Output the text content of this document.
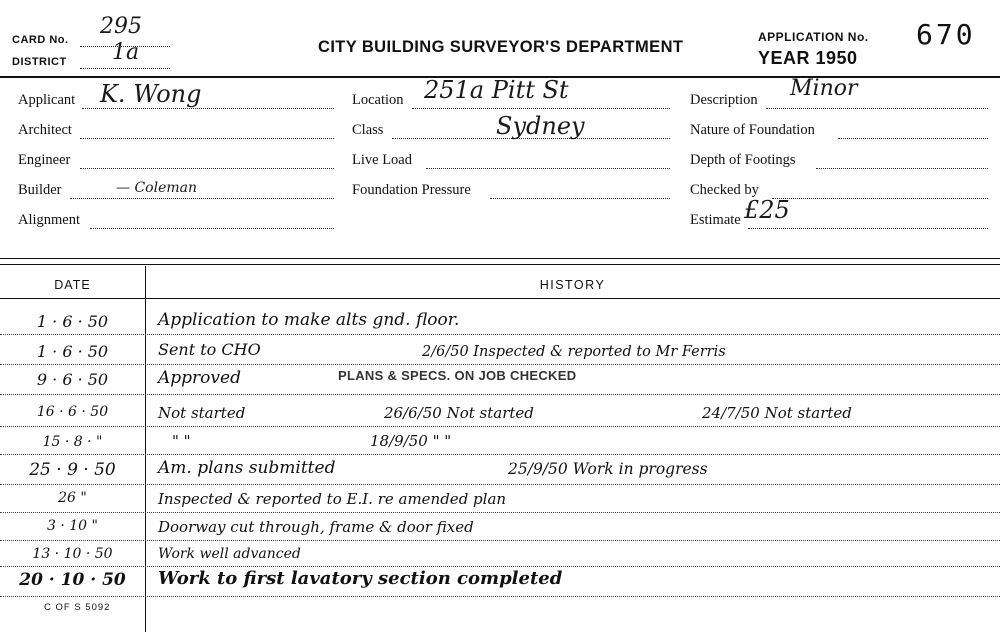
CARD No.
295
DISTRICT 1a	CITY BUILDING SURVEYOR'S DEPARTMENT
APPLICATION No. 670
YEAR 1950
Applicant K. Wong
Architect
Engineer
Builder	— Coleman
Alignment
Location 251a Pitt St
Class	Sydney
Live Load
Foundation Pressure
Description Minor
Nature of Foundation
Depth of Footings
Checked by
Estimate £25
DATE	HISTORY
1 · 6 · 50	Application to make alts gnd. floor.
1 · 6 · 50	Sent to CHO	2/6/50 Inspected & reported to Mr Ferris
9 · 6 · 50	Approved	PLANS & SPECS. ON JOB CHECKED
16 · 6 · 50	Not started	26/6/50 Not started	24/7/50 Not started
15 · 8 · "	" "	18/9/50 " "
25 · 9 · 50	Am. plans submitted	25/9/50 Work in progress
26 "	Inspected & reported to E.I. re amended plan
3 · 10 "	Doorway cut through, frame & door fixed
13 · 10 · 50	Work well advanced
20 · 10 · 50	Work to first lavatory section completed
C OF S 5092
